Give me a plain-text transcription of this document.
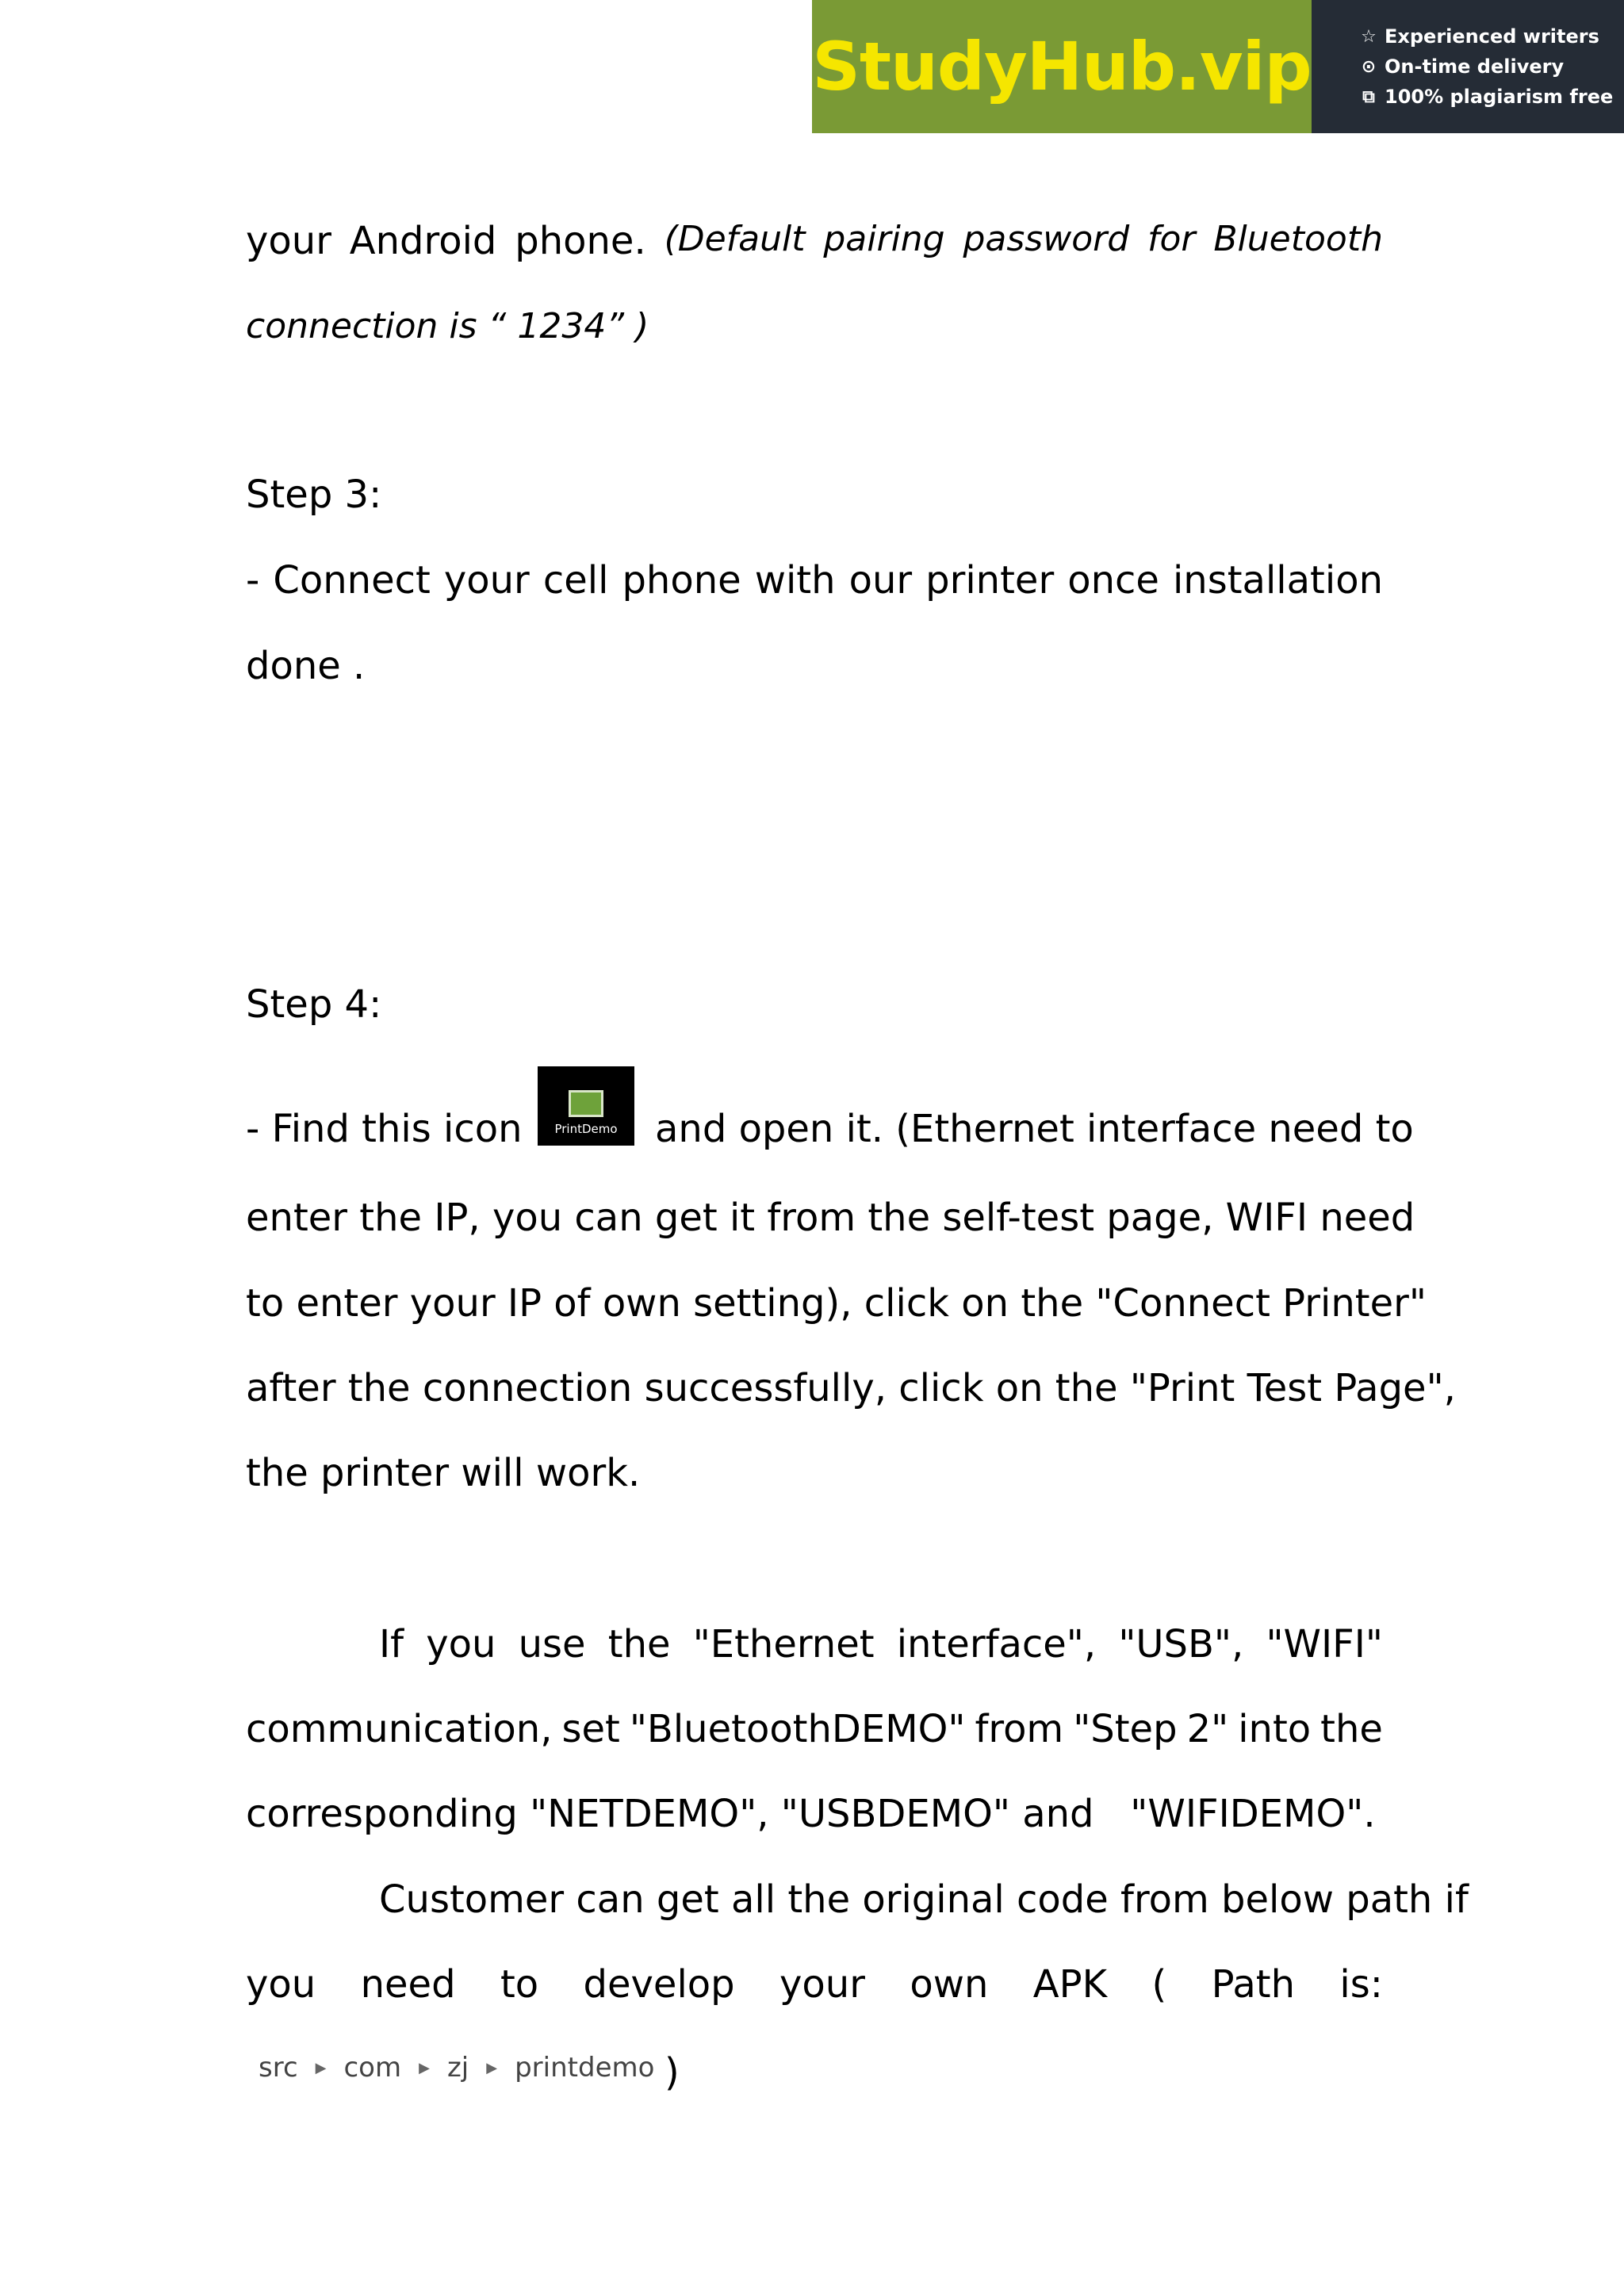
StudyHub.vip	☆ Experienced writers
⊙ On-time delivery
⧉ 100% plagiarism free
your Android phone. (Default pairing password for Bluetooth
connection is “ 1234” )
Step 3:
- Connect your cell phone with our printer once installation
done .
Step 4:
- Find this icon	PrintDemo and open it. (Ethernet interface need to
enter the IP, you can get it from the self-test page, WIFI need
to enter your IP of own setting), click on the "Connect Printer"
after the connection successfully, click on the "Print Test Page",
the printer will work.
If you use the "Ethernet interface", "USB", "WIFI"
communication, set "BluetoothDEMO" from "Step 2" into the
corresponding "NETDEMO", "USBDEMO" and   "WIFIDEMO".
Customer can get all the original code from below path if
you need to develop your own APK ( Path is:
src ▶ com ▶ zj ▶ printdemo )
